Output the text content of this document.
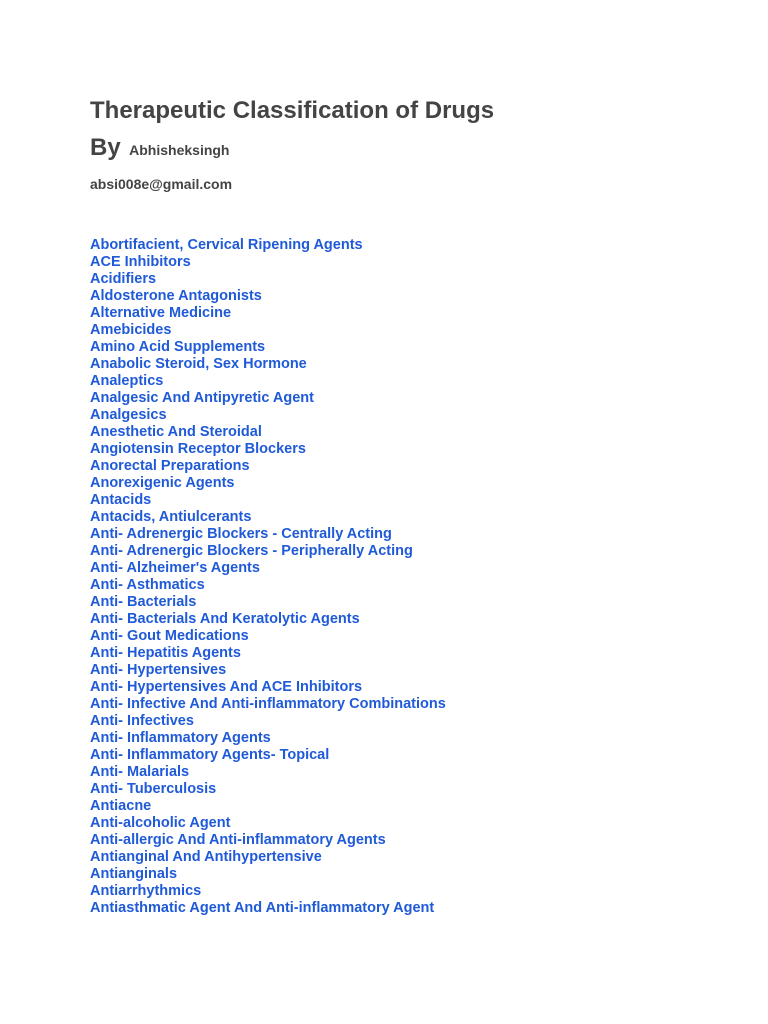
Therapeutic Classification of Drugs
By Abhisheksingh
absi008e@gmail.com
Abortifacient, Cervical Ripening Agents
ACE Inhibitors
Acidifiers
Aldosterone Antagonists
Alternative Medicine
Amebicides
Amino Acid Supplements
Anabolic Steroid, Sex Hormone
Analeptics
Analgesic And Antipyretic Agent
Analgesics
Anesthetic And Steroidal
Angiotensin Receptor Blockers
Anorectal Preparations
Anorexigenic Agents
Antacids
Antacids, Antiulcerants
Anti- Adrenergic Blockers - Centrally Acting
Anti- Adrenergic Blockers - Peripherally Acting
Anti- Alzheimer's Agents
Anti- Asthmatics
Anti- Bacterials
Anti- Bacterials And Keratolytic Agents
Anti- Gout Medications
Anti- Hepatitis Agents
Anti- Hypertensives
Anti- Hypertensives And ACE Inhibitors
Anti- Infective And Anti-inflammatory Combinations
Anti- Infectives
Anti- Inflammatory Agents
Anti- Inflammatory Agents- Topical
Anti- Malarials
Anti- Tuberculosis
Antiacne
Anti-alcoholic Agent
Anti-allergic And Anti-inflammatory Agents
Antianginal And Antihypertensive
Antianginals
Antiarrhythmics
Antiasthmatic Agent And Anti-inflammatory Agent
